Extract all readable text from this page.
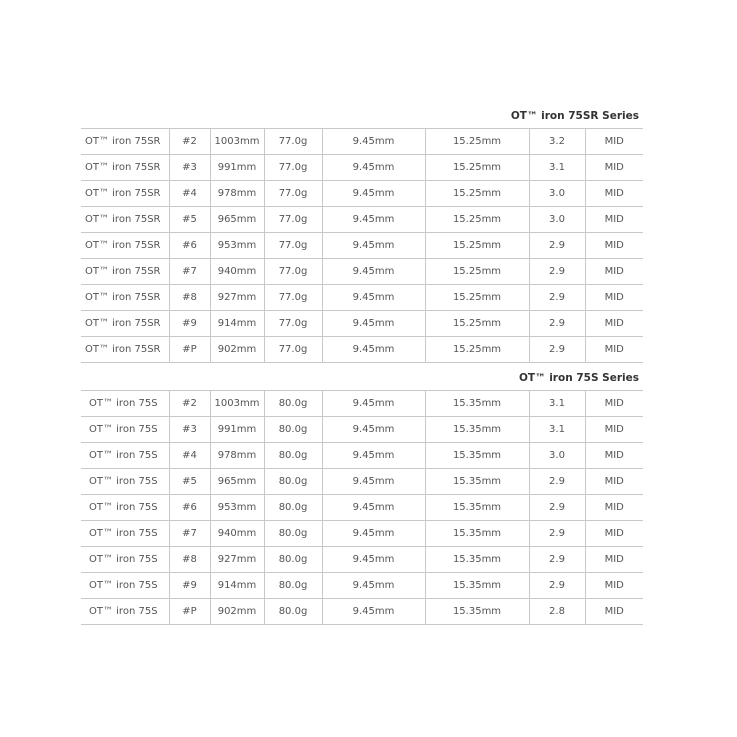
OT™ iron 75SR Series
OT™ iron 75SR	#2	1003mm	77.0g	9.45mm	15.25mm	3.2	MID
OT™ iron 75SR	#3	991mm	77.0g	9.45mm	15.25mm	3.1	MID
OT™ iron 75SR	#4	978mm	77.0g	9.45mm	15.25mm	3.0	MID
OT™ iron 75SR	#5	965mm	77.0g	9.45mm	15.25mm	3.0	MID
OT™ iron 75SR	#6	953mm	77.0g	9.45mm	15.25mm	2.9	MID
OT™ iron 75SR	#7	940mm	77.0g	9.45mm	15.25mm	2.9	MID
OT™ iron 75SR	#8	927mm	77.0g	9.45mm	15.25mm	2.9	MID
OT™ iron 75SR	#9	914mm	77.0g	9.45mm	15.25mm	2.9	MID
OT™ iron 75SR	#P	902mm	77.0g	9.45mm	15.25mm	2.9	MID
OT™ iron 75S Series
OT™ iron 75S	#2	1003mm	80.0g	9.45mm	15.35mm	3.1	MID
OT™ iron 75S	#3	991mm	80.0g	9.45mm	15.35mm	3.1	MID
OT™ iron 75S	#4	978mm	80.0g	9.45mm	15.35mm	3.0	MID
OT™ iron 75S	#5	965mm	80.0g	9.45mm	15.35mm	2.9	MID
OT™ iron 75S	#6	953mm	80.0g	9.45mm	15.35mm	2.9	MID
OT™ iron 75S	#7	940mm	80.0g	9.45mm	15.35mm	2.9	MID
OT™ iron 75S	#8	927mm	80.0g	9.45mm	15.35mm	2.9	MID
OT™ iron 75S	#9	914mm	80.0g	9.45mm	15.35mm	2.9	MID
OT™ iron 75S	#P	902mm	80.0g	9.45mm	15.35mm	2.8	MID
